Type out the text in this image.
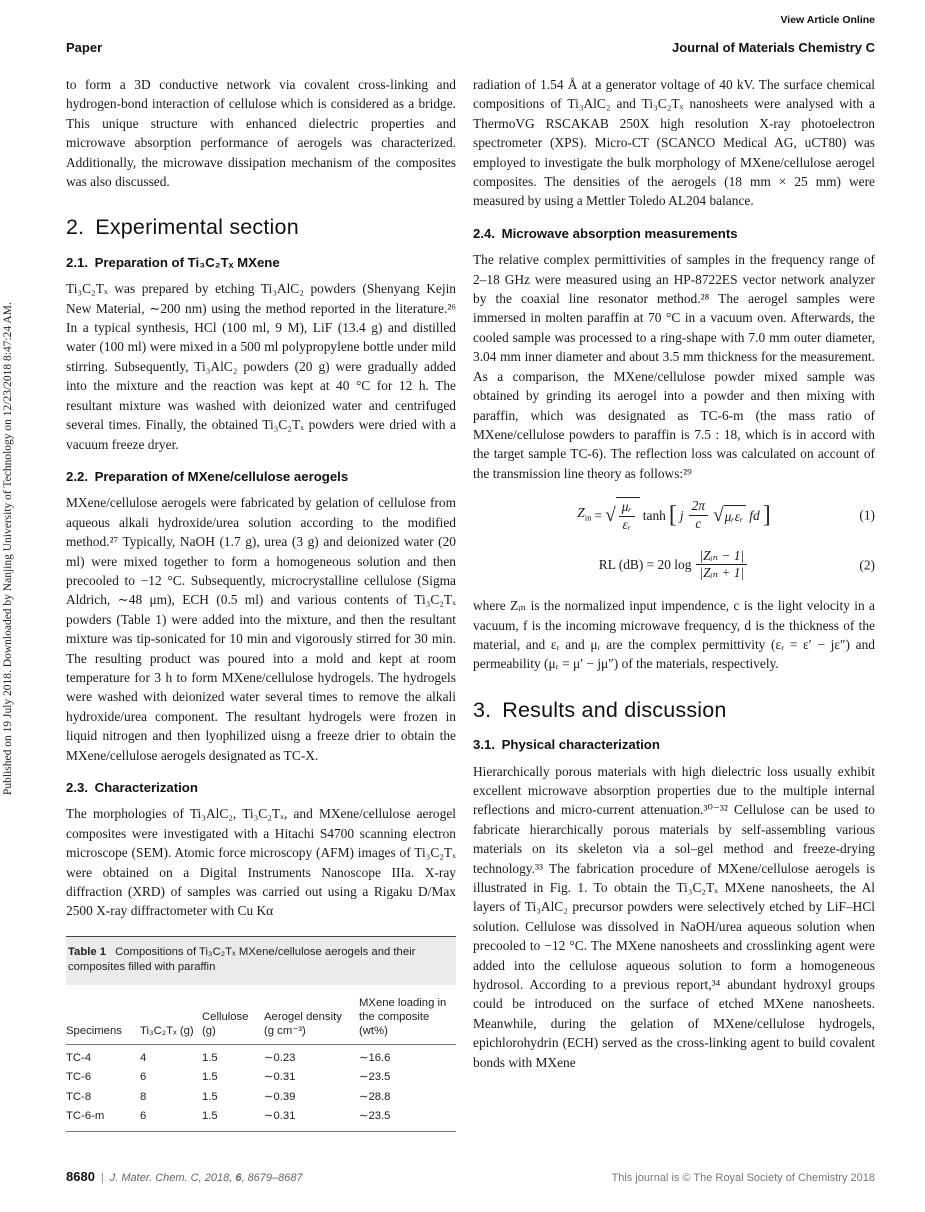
Published on 19 July 2018. Downloaded by Nanjing University of Technology on 12/23/2018 8:47:24 AM.
View Article Online
Paper	Journal of Materials Chemistry C

to form a 3D conductive network via covalent cross-linking and hydrogen-bond interaction of cellulose which is considered as a bridge. This unique structure with enhanced dielectric properties and microwave absorption performance of aerogels was characterized. Additionally, the microwave dissipation mechanism of the composites was also discussed.

2. Experimental section
2.1. Preparation of Ti₃C₂Tₓ MXene

Ti₃C₂Tₓ was prepared by etching Ti₃AlC₂ powders (Shenyang Kejin New Material, ∼200 nm) using the method reported in the literature.²⁶ In a typical synthesis, HCl (100 ml, 9 M), LiF (13.4 g) and distilled water (100 ml) were mixed in a 500 ml polypropylene bottle under mild stirring. Subsequently, Ti₃AlC₂ powders (20 g) were gradually added into the mixture and the reaction was kept at 40 °C for 12 h. The resultant mixture was washed with deionized water and centrifuged several times. Finally, the obtained Ti₃C₂Tₓ powders were dried with a vacuum freeze dryer.

2.2. Preparation of MXene/cellulose aerogels

MXene/cellulose aerogels were fabricated by gelation of cellulose from aqueous alkali hydroxide/urea solution according to the modified method.²⁷ Typically, NaOH (1.7 g), urea (3 g) and deionized water (20 ml) were mixed together to form a homogeneous solution and then precooled to −12 °C. Subsequently, microcrystalline cellulose (Sigma Aldrich, ∼48 μm), ECH (0.5 ml) and various contents of Ti₃C₂Tₓ powders (Table 1) were added into the mixture, and then the resultant mixture was tip-sonicated for 10 min and vigorously stirred for 30 min. The resulting product was poured into a mold and kept at room temperature for 3 h to form MXene/cellulose hydrogels. The hydrogels were washed with deionized water several times to remove the alkali hydroxide/urea component. The resultant hydrogels were frozen in liquid nitrogen and then lyophilized uisng a freeze drier to obtain the MXene/cellulose aerogels designated as TC-X.

2.3. Characterization

The morphologies of Ti₃AlC₂, Ti₃C₂Tₓ, and MXene/cellulose aerogel composites were investigated with a Hitachi S4700 scanning electron microscope (SEM). Atomic force microscopy (AFM) images of Ti₃C₂Tₓ were obtained on a Digital Instruments Nanoscope IIIa. X-ray diffraction (XRD) of samples was carried out using a Rigaku D/Max 2500 X-ray diffractometer with Cu Kα

Table 1 Compositions of Ti₃C₂Tₓ MXene/cellulose aerogels and their composites filled with paraffin
Specimens	Ti₃C₂Tₓ (g)	Cellulose (g)	Aerogel density (g cm⁻³)	MXene loading in the composite (wt%)
TC-4	4	1.5	∼0.23	∼16.6
TC-6	6	1.5	∼0.31	∼23.5
TC-8	8	1.5	∼0.39	∼28.8
TC-6-m	6	1.5	∼0.31	∼23.5

radiation of 1.54 Å at a generator voltage of 40 kV. The surface chemical compositions of Ti₃AlC₂ and Ti₃C₂Tₓ nanosheets were analysed with a ThermoVG RSCAKAB 250X high resolution X-ray photoelectron spectrometer (XPS). Micro-CT (SCANCO Medical AG, uCT80) was employed to investigate the bulk morphology of MXene/cellulose aerogel composites. The densities of the aerogels (18 mm × 25 mm) were measured by using a Mettler Toledo AL204 balance.

2.4. Microwave absorption measurements

The relative complex permittivities of samples in the frequency range of 2–18 GHz were measured using an HP-8722ES vector network analyzer by the coaxial line resonator method.²⁸ The aerogel samples were immersed in molten paraffin at 70 °C in a vacuum oven. Afterwards, the cooled sample was processed to a ring-shape with 7.0 mm outer diameter, 3.04 mm inner diameter and about 3.5 mm thickness for the measurement. As a comparison, the MXene/cellulose powder mixed sample was obtained by grinding its aerogel into a powder and then mixing with paraffin, which was designated as TC-6-m (the mass ratio of MXene/cellulose powders to paraffin is 7.5 : 18, which is in accord with the target sample TC-6). The reflection loss was calculated on account of the transmission line theory as follows:²⁹

$Z_{in}$ = √ $\frac{\text{μᵣ}}{\text{εᵣ}}$ tanh [ j $\frac{2\pi}{c}$ √ μᵣεᵣ fd ]	(1)
RL (dB) = 20 $\log \frac{\text{|Zᵢₙ − 1|}}{\text{|Zᵢₙ + 1|}}$	(2)

where Zᵢₙ is the normalized input impendence, c is the light velocity in a vacuum, f is the incoming microwave frequency, d is the thickness of the material, and εᵣ and μᵣ are the complex permittivity (εᵣ = ε′ − jε″) and permeability (μᵣ = μ′ − jμ″) of the materials, respectively.

3. Results and discussion
3.1. Physical characterization

Hierarchically porous materials with high dielectric loss usually exhibit excellent microwave absorption properties due to the multiple internal reflections and micro-current attenuation.³⁰⁻³² Cellulose can be used to fabricate hierarchically porous materials by self-assembling various materials on its skeleton via a sol–gel method and freeze-drying technology.³³ The fabrication procedure of MXene/cellulose aerogels is illustrated in Fig. 1. To obtain the Ti₃C₂Tₓ MXene nanosheets, the Al layers of Ti₃AlC₂ precursor powders were selectively etched by LiF–HCl solution. Cellulose was dissolved in NaOH/urea aqueous solution when precooled to −12 °C. The MXene nanosheets and crosslinking agent were added into the cellulose aqueous solution to form a homogeneous hydrosol. According to a previous report,³⁴ abundant hydroxyl groups could be introduced on the surface of etched MXene nanosheets. Meanwhile, during the gelation of MXene/cellulose hydrogels, epichlorohydrin (ECH) served as the cross-linking agent to build covalent bonds with MXene

8680 | J. Mater. Chem. C, 2018, 6, 8679–8687	This journal is © The Royal Society of Chemistry 2018
